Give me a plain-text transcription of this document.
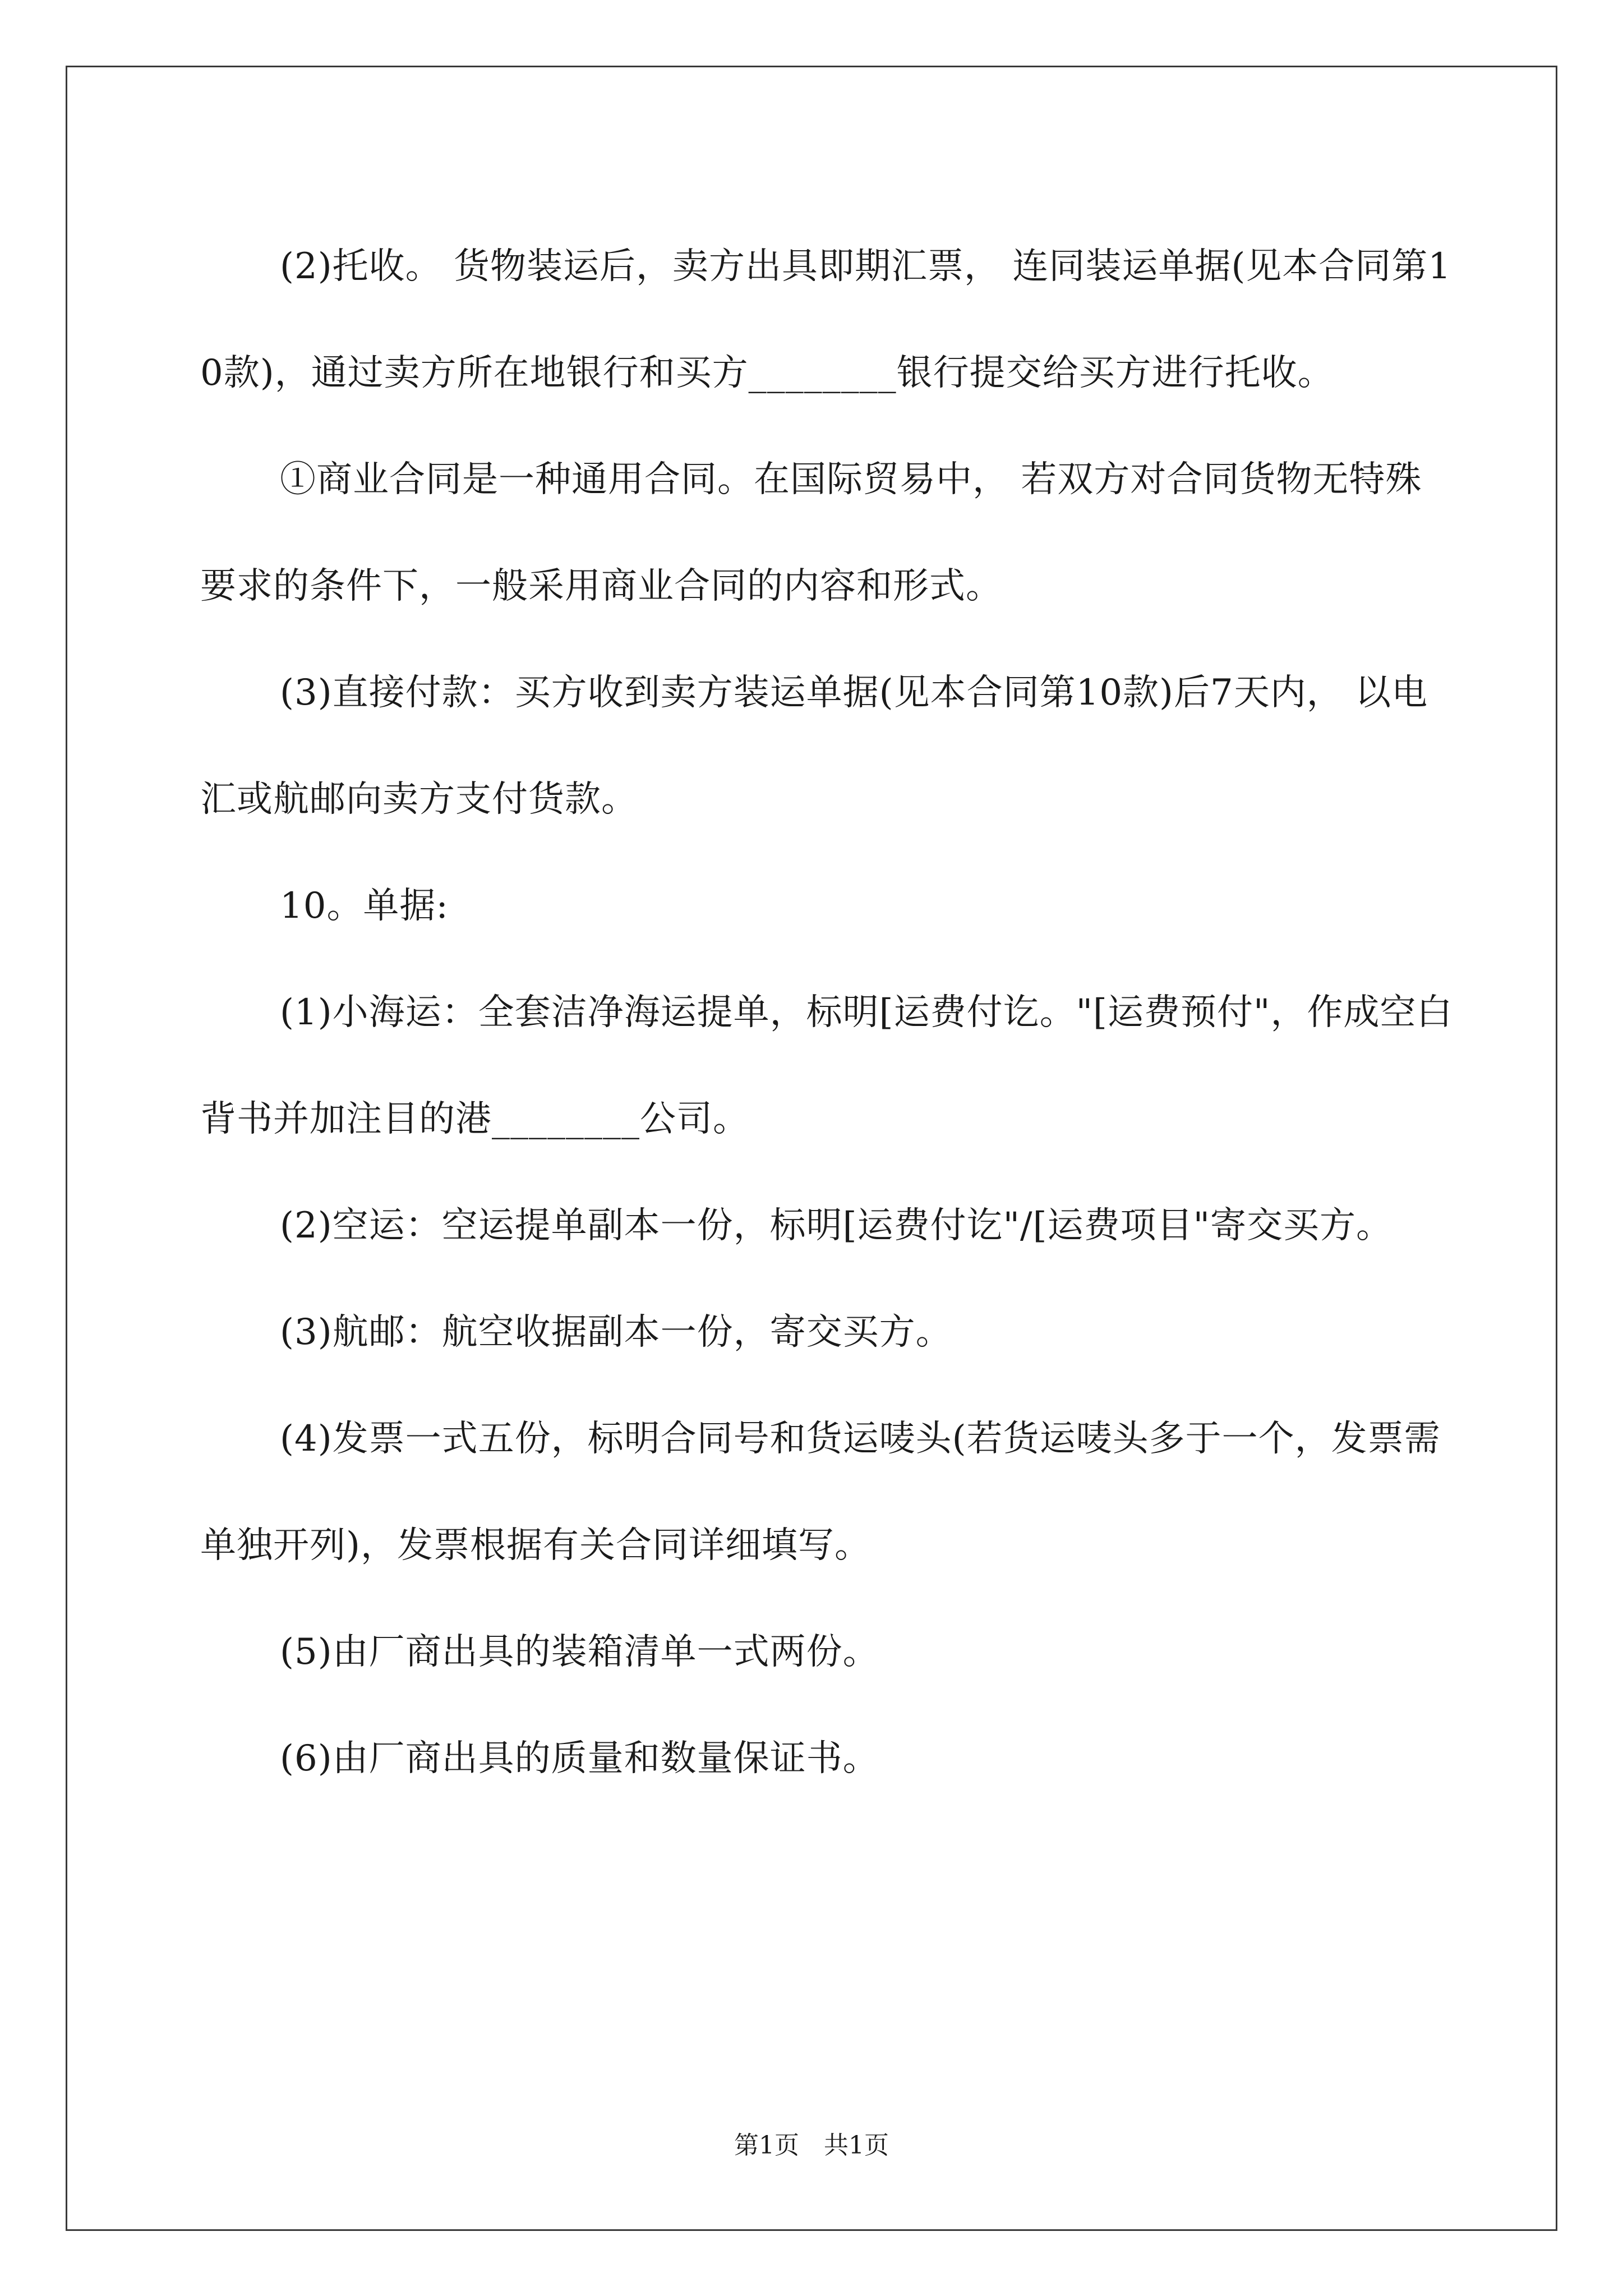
(2)托收。 货物装运后，卖方出具即期汇票， 连同装运单据(见本合同第10款)，通过卖方所在地银行和买方________银行提交给买方进行托收。

①商业合同是一种通用合同。在国际贸易中， 若双方对合同货物无特殊要求的条件下，一般采用商业合同的内容和形式。

(3)直接付款：买方收到卖方装运单据(见本合同第10款)后7天内， 以电汇或航邮向卖方支付货款。

10。单据:

(1)小海运：全套洁净海运提单，标明[运费付讫。"[运费预付"，作成空白背书并加注目的港________公司。

(2)空运：空运提单副本一份，标明[运费付讫"/[运费项目"寄交买方。

(3)航邮：航空收据副本一份，寄交买方。

(4)发票一式五份，标明合同号和货运唛头(若货运唛头多于一个，发票需单独开列)，发票根据有关合同详细填写。

(5)由厂商出具的装箱清单一式两份。

(6)由厂商出具的质量和数量保证书。

第1页　共1页
